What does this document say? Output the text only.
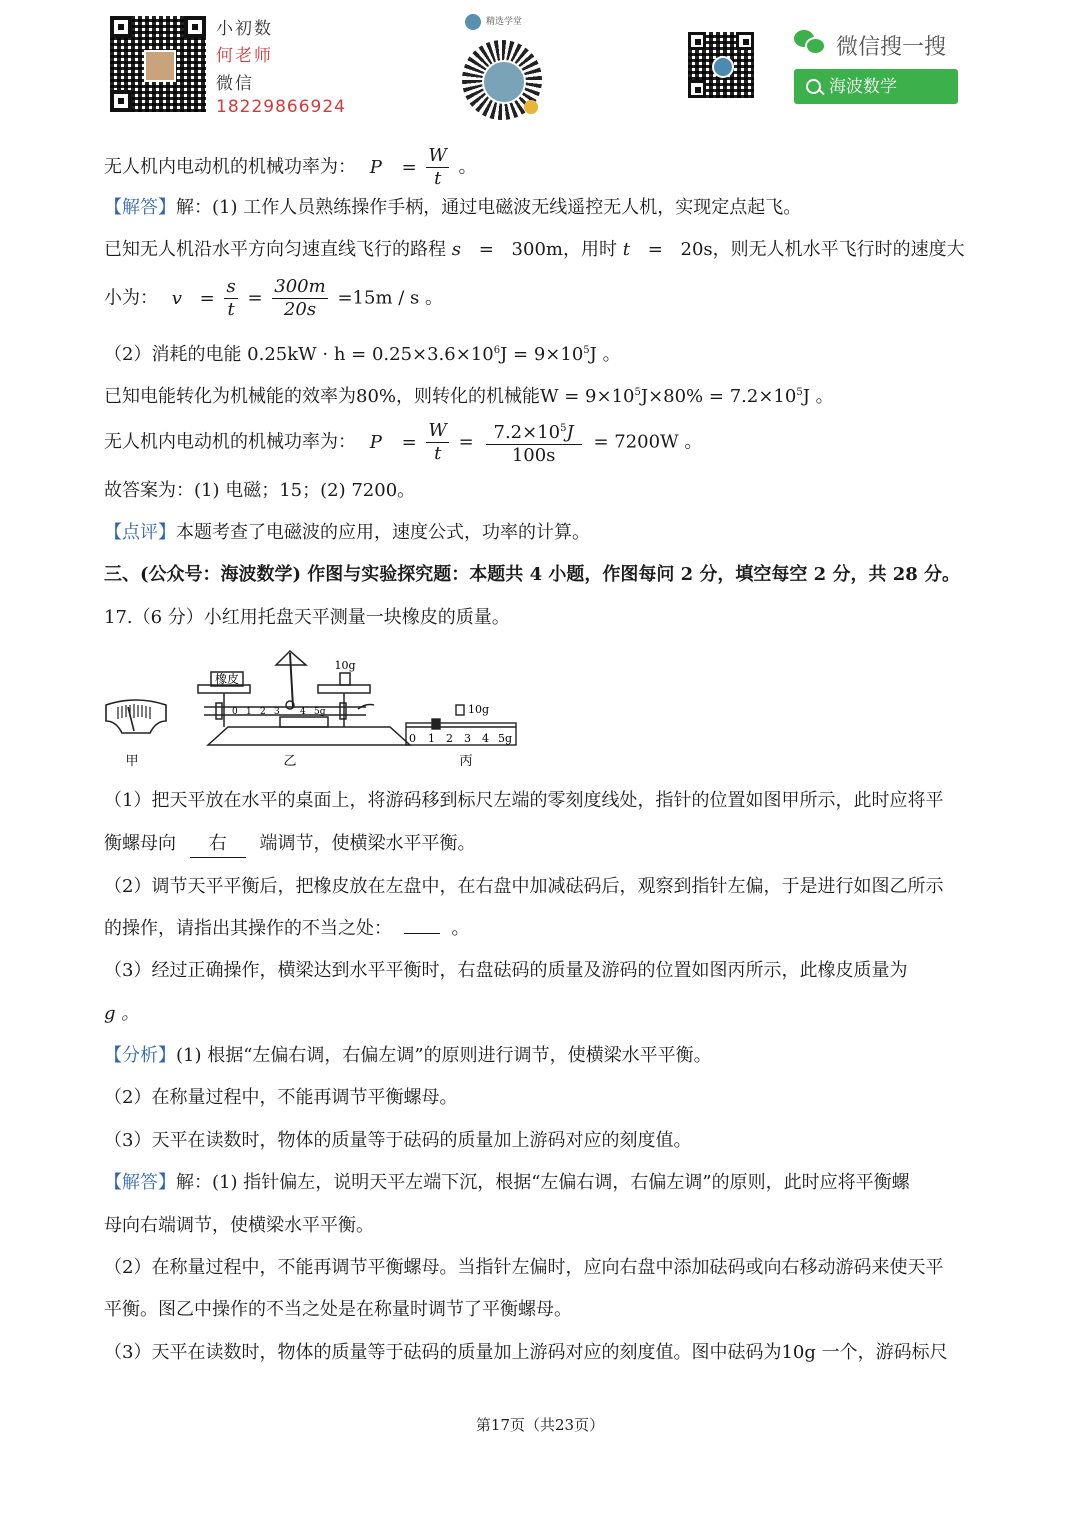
小初数
何老师
微信
18229866924
精选学堂
微信搜一搜
海波数学
无人机内电动机的机械功率为： $P = \frac{W}{t}$ 。
【解答】解：(1) 工作人员熟练操作手柄，通过电磁波无线遥控无人机，实现定点起飞。
已知无人机沿水平方向匀速直线飞行的路程 s = 300m，用时 t = 20s，则无人机水平飞行时的速度大
小为： $v = \frac{s}{t} = \frac{300m}{20s} =15m / s$ 。
（2）消耗的电能 $0.25kW \cdot h = 0.25\times 3.6\times 10^6J = 9\times 10^5J$ 。
已知电能转化为机械能的效率为80%，则转化的机械能$W = 9\times 10^5J\times 80\% = 7.2\times 10^5J$ 。
无人机内电动机的机械功率为： $P = \frac{W}{t} = \frac{7.2\times 10^5J}{100s} = 7200W$ 。
故答案为：(1) 电磁；15；(2) 7200。
【点评】本题考查了电磁波的应用，速度公式，功率的计算。
三、(公众号：海波数学) 作图与实验探究题：本题共 4 小题，作图每问 2 分，填空每空 2 分，共 28 分。
17.（6 分）小红用托盘天平测量一块橡皮的质量。
甲
橡皮
10g
0 1 2 3 4 5g
乙
10g
0 1 2 3 4 5g
丙
（1）把天平放在水平的桌面上，将游码移到标尺左端的零刻度线处，指针的位置如图甲所示，此时应将平
衡螺母向 右 端调节，使横梁水平平衡。
（2）调节天平平衡后，把橡皮放在左盘中，在右盘中加减砝码后，观察到指针左偏，于是进行如图乙所示
的操作，请指出其操作的不当之处：	。
（3）经过正确操作，横梁达到水平平衡时，右盘砝码的质量及游码的位置如图丙所示，此橡皮质量为
g 。
【分析】(1) 根据“左偏右调，右偏左调”的原则进行调节，使横梁水平平衡。
（2）在称量过程中，不能再调节平衡螺母。
（3）天平在读数时，物体的质量等于砝码的质量加上游码对应的刻度值。
【解答】解：(1) 指针偏左，说明天平左端下沉，根据“左偏右调，右偏左调”的原则，此时应将平衡螺
母向右端调节，使横梁水平平衡。
（2）在称量过程中，不能再调节平衡螺母。当指针左偏时，应向右盘中添加砝码或向右移动游码来使天平
平衡。图乙中操作的不当之处是在称量时调节了平衡螺母。
（3）天平在读数时，物体的质量等于砝码的质量加上游码对应的刻度值。图中砝码为10g 一个，游码标尺
第17页（共23页）
